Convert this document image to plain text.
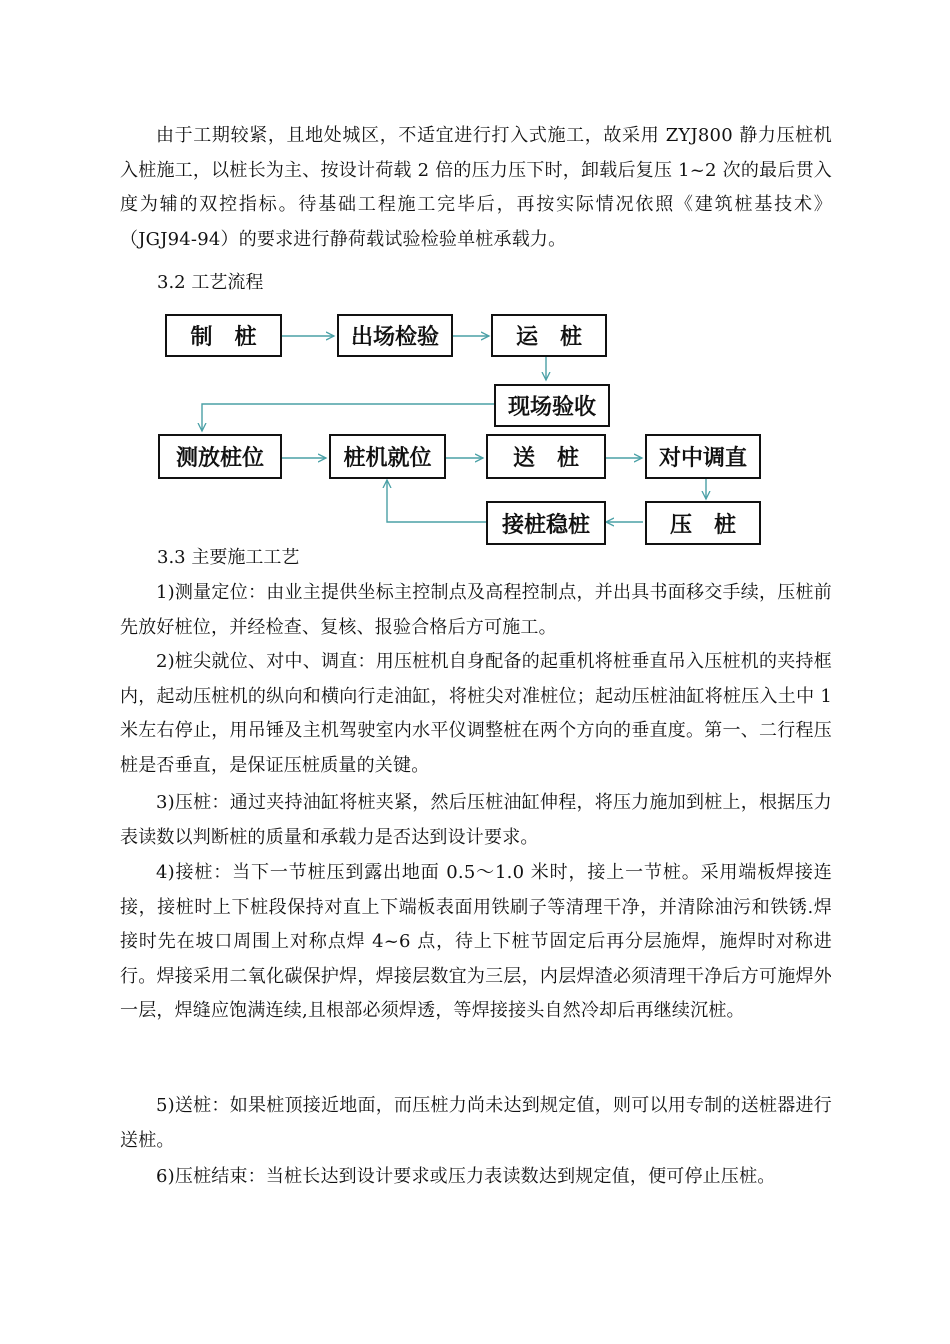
由于工期较紧，且地处城区，不适宜进行打入式施工，故采用 ZYJ800 静力压桩机入桩施工，以桩长为主、按设计荷载 2 倍的压力压下时，卸载后复压 1~2 次的最后贯入度为辅的双控指标。待基础工程施工完毕后，再按实际情况依照《建筑桩基技术》（JGJ94-94）的要求进行静荷载试验检验单桩承载力。

3.2 工艺流程

制　桩	出场检验	运　桩
现场验收
测放桩位	桩机就位	送　桩	对中调直
接桩稳桩	压　桩

3.3 主要施工工艺

1)测量定位：由业主提供坐标主控制点及高程控制点，并出具书面移交手续，压桩前先放好桩位，并经检查、复核、报验合格后方可施工。

2)桩尖就位、对中、调直：用压桩机自身配备的起重机将桩垂直吊入压桩机的夹持框内，起动压桩机的纵向和横向行走油缸，将桩尖对准桩位；起动压桩油缸将桩压入土中 1 米左右停止，用吊锤及主机驾驶室内水平仪调整桩在两个方向的垂直度。第一、二行程压桩是否垂直，是保证压桩质量的关键。

3)压桩：通过夹持油缸将桩夹紧，然后压桩油缸伸程，将压力施加到桩上，根据压力表读数以判断桩的质量和承载力是否达到设计要求。

4)接桩：当下一节桩压到露出地面 0.5～1.0 米时，接上一节桩。采用端板焊接连接，接桩时上下桩段保持对直上下端板表面用铁刷子等清理干净，并清除油污和铁锈.焊接时先在坡口周围上对称点焊 4~6 点，待上下桩节固定后再分层施焊，施焊时对称进行。焊接采用二氧化碳保护焊，焊接层数宜为三层，内层焊渣必须清理干净后方可施焊外一层，焊缝应饱满连续,且根部必须焊透，等焊接接头自然冷却后再继续沉桩。

5)送桩：如果桩顶接近地面，而压桩力尚未达到规定值，则可以用专制的送桩器进行送桩。

6)压桩结束：当桩长达到设计要求或压力表读数达到规定值，便可停止压桩。
